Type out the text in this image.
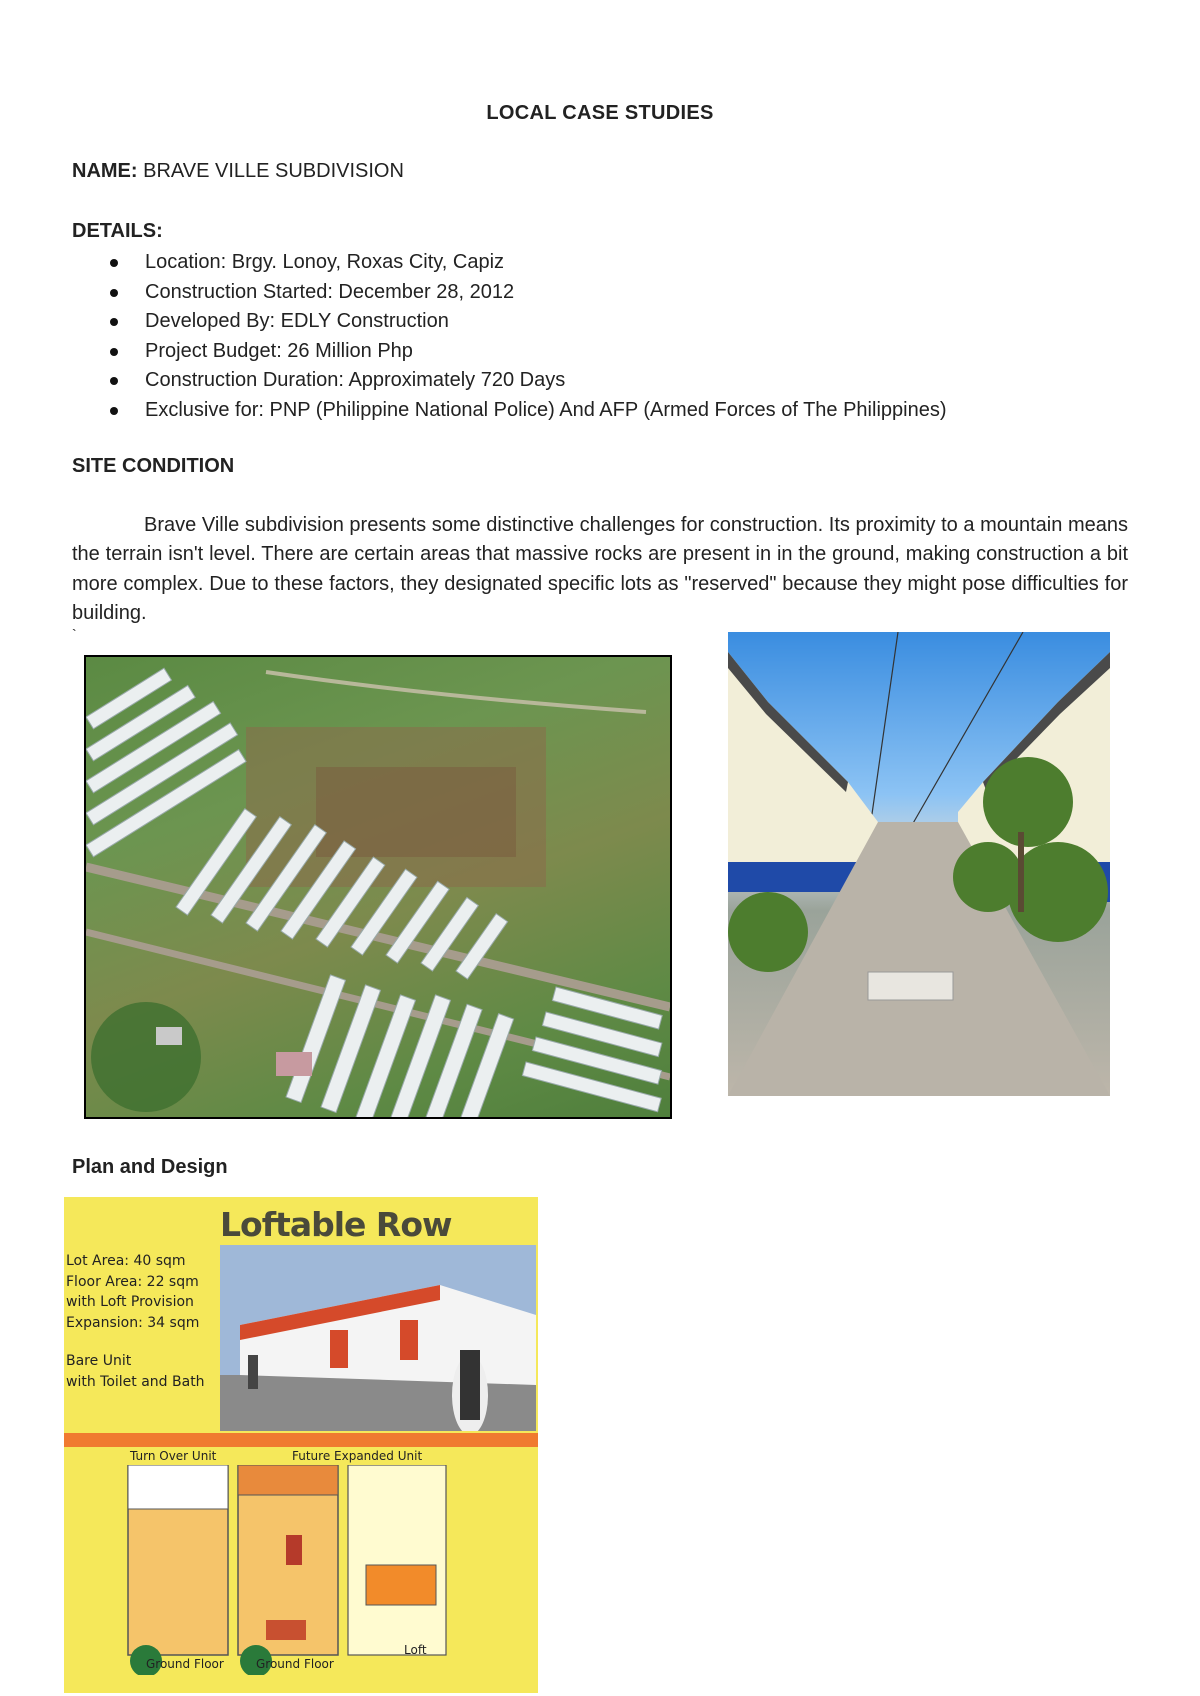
LOCAL CASE STUDIES
NAME: BRAVE VILLE SUBDIVISION
DETAILS:
Location: Brgy. Lonoy, Roxas City, Capiz
Construction Started: December 28, 2012
Developed By: EDLY Construction
Project Budget: 26 Million Php
Construction Duration: Approximately 720 Days
Exclusive for: PNP (Philippine National Police) And AFP (Armed Forces of The Philippines)
SITE CONDITION

Brave Ville subdivision presents some distinctive challenges for construction. Its proximity to a mountain means the terrain isn't level. There are certain areas that massive rocks are present in in the ground, making construction a bit more complex. Due to these factors, they designated specific lots as "reserved" because they might pose difficulties for building.

`
Plan and Design
Loftable Row
Lot Area: 40 sqm
Floor Area: 22 sqm
with Loft Provision
Expansion: 34 sqm
Bare Unit
with Toilet and Bath
Turn Over Unit	Future Expanded Unit
Ground Floor	Ground Floor
Loft
